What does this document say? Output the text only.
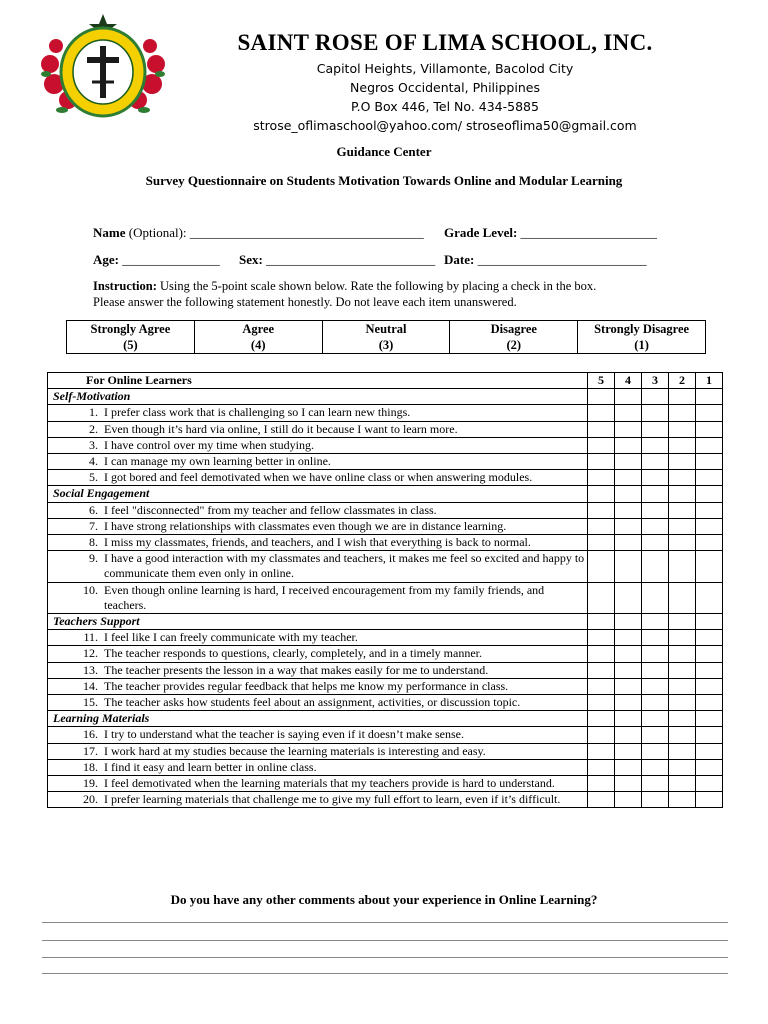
SAINT ROSE OF LIMA SCHOOL, INC.
Capitol Heights, Villamonte, Bacolod City
Negros Occidental, Philippines
P.O Box 446, Tel No. 434-5885
strose_oflimaschool@yahoo.com/ stroseoflima50@gmail.com
Guidance Center
Survey Questionnaire on Students Motivation Towards Online and Modular Learning
Name (Optional): ____________________________________ Grade Level: _____________________
Age: _______________ Sex: __________________________ Date: __________________________
Instruction: Using the 5-point scale shown below. Rate the following by placing a check in the box.
Please answer the following statement honestly. Do not leave each item unanswered.
Strongly Agree
(5)

Agree
(4)

Neutral
(3)

Disagree
(2)

Strongly Disagree
(1)
For Online Learners	5	4	3	2	1
Self-Motivation					

1. I prefer class work that is challenging so I can learn new things.					

2. Even though it’s hard via online, I still do it because I want to learn more.					

3. I have control over my time when studying.					

4. I can manage my own learning better in online.					

5. I got bored and feel demotivated when we have online class or when answering modules.					

Social Engagement					

6. I feel "disconnected" from my teacher and fellow classmates in class.					

7. I have strong relationships with classmates even though we are in distance learning.					

8. I miss my classmates, friends, and teachers, and I wish that everything is back to normal.					

9. I have a good interaction with my classmates and teachers, it makes me feel so excited and happy to communicate them even only in online.					

10. Even though online learning is hard, I received encouragement from my family friends, and teachers.					

Teachers Support					

11. I feel like I can freely communicate with my teacher.					

12. The teacher responds to questions, clearly, completely, and in a timely manner.					

13. The teacher presents the lesson in a way that makes easily for me to understand.					

14. The teacher provides regular feedback that helps me know my performance in class.					

15. The teacher asks how students feel about an assignment, activities, or discussion topic.					

Learning Materials					

16. I try to understand what the teacher is saying even if it doesn’t make sense.					

17. I work hard at my studies because the learning materials is interesting and easy.					

18. I find it easy and learn better in online class.					

19. I feel demotivated when the learning materials that my teachers provide is hard to understand.					

20. I prefer learning materials that challenge me to give my full effort to learn, even if it’s difficult.					

Do you have any other comments about your experience in Online Learning?
